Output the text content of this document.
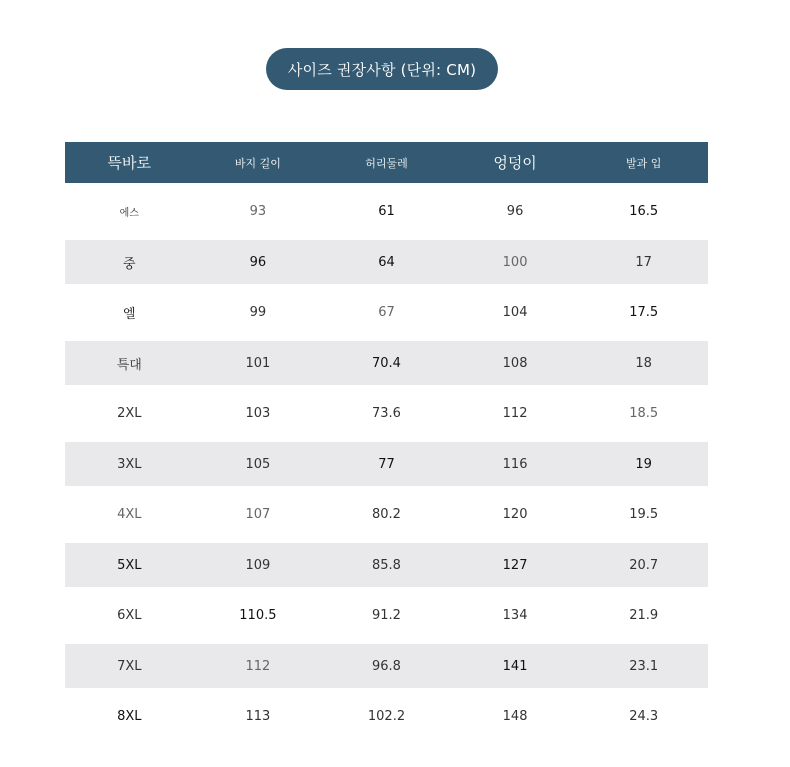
사이즈 권장사항 (단위: CM)
뜩바로	바지 길이	허리둘레	엉덩이	발과 입
에스	93	61	96	16.5
중	96	64	100	17
엘	99	67	104	17.5
특대	101	70.4	108	18
2XL	103	73.6	112	18.5
3XL	105	77	116	19
4XL	107	80.2	120	19.5
5XL	109	85.8	127	20.7
6XL	110.5	91.2	134	21.9
7XL	112	96.8	141	23.1
8XL	113	102.2	148	24.3
